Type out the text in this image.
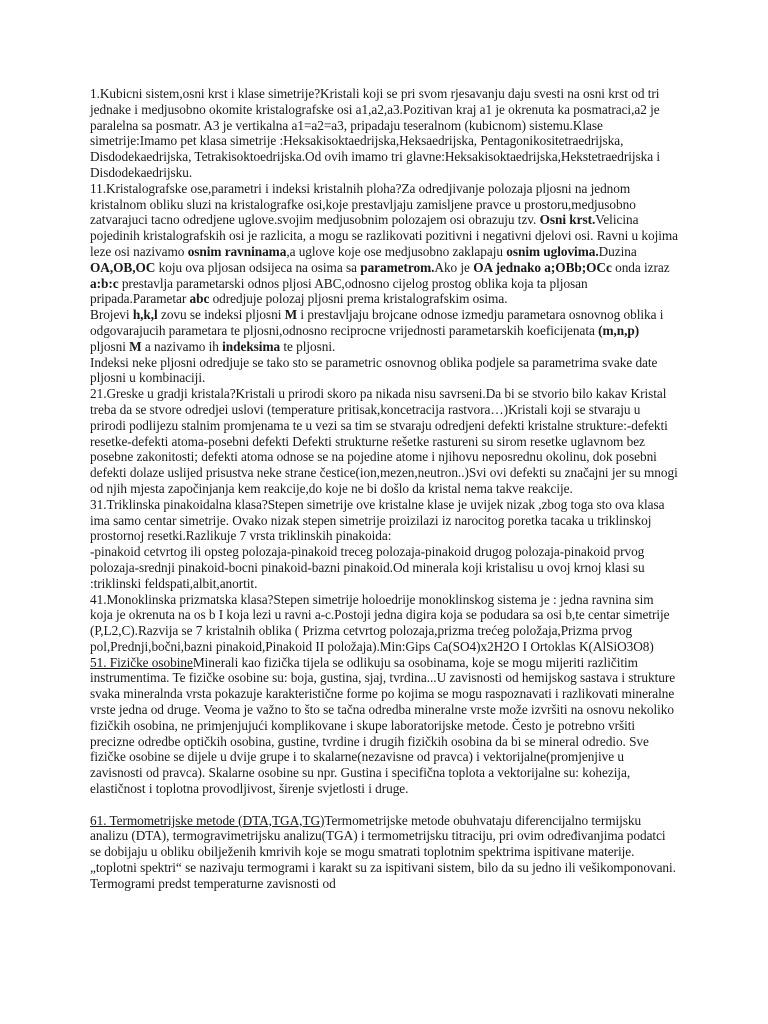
1.Kubicni sistem,osni krst i klase simetrije?Kristali koji se pri svom rjesavanju daju svesti na osni krst od tri jednake i medjusobno okomite kristalografske osi a1,a2,a3.Pozitivan kraj a1 je okrenuta ka posmatraci,a2 je paralelna sa posmatr. A3 je vertikalna a1=a2=a3, pripadaju teseralnom (kubicnom) sistemu.Klase simetrije:Imamo pet klasa simetrije :Heksakisoktaedrijska,Heksaedrijska, Pentagonikositetraedrijska, Disdodekaedrijska, Tetrakisoktoedrijska.Od ovih imamo tri glavne:Heksakisoktaedrijska,Hekstetraedrijska i Disdodekaedrijsku.

11.Kristalografske ose,parametri i indeksi kristalnih ploha?Za odredjivanje polozaja pljosni na jednom kristalnom obliku sluzi na kristalografke osi,koje prestavljaju zamisljene pravce u prostoru,medjusobno zatvarajuci tacno odredjene uglove.svojim medjusobnim polozajem osi obrazuju tzv. Osni krst.Velicina pojedinih kristalografskih osi je razlicita, a mogu se razlikovati pozitivni i negativni djelovi osi. Ravni u kojima leze osi nazivamo osnim ravninama,a uglove koje ose medjusobno zaklapaju osnim uglovima.Duzina OA,OB,OC koju ova pljosan odsijeca na osima sa parametrom.Ako je OA jednako a;OBb;OCc onda izraz a:b:c prestavlja parametarski odnos pljosi ABC,odnosno cijelog prostog oblika koja ta pljosan pripada.Parametar abc odredjuje polozaj pljosni prema kristalografskim osima.

Brojevi h,k,l zovu se indeksi pljosni M i prestavljaju brojcane odnose izmedju parametara osnovnog oblika i odgovarajucih parametara te pljosni,odnosno reciprocne vrijednosti parametarskih koeficijenata (m,n,p) pljosni M a nazivamo ih indeksima te pljosni.

Indeksi neke pljosni odredjuje se tako sto se parametric osnovnog oblika podjele sa parametrima svake date pljosni u kombinaciji.

21.Greske u gradji kristala?Kristali u prirodi skoro pa nikada nisu savrseni.Da bi se stvorio bilo kakav Kristal treba da se stvore odredjei uslovi (temperature pritisak,koncetracija rastvora…)Kristali koji se stvaraju u prirodi podlijezu stalnim promjenama te u vezi sa tim se stvaraju odredjeni defekti kristalne strukture:-defekti resetke-defekti atoma-posebni defekti Defekti strukturne rešetke rastureni su sirom resetke uglavnom bez posebne zakonitosti; defekti atoma odnose se na pojedine atome i njihovu neposrednu okolinu, dok posebni defekti dolaze uslijed prisustva neke strane čestice(ion,mezen,neutron..)Svi ovi defekti su značajni jer su mnogi od njih mjesta započinjanja kem reakcije,do koje ne bi došlo da kristal nema takve reakcije.

31.Triklinska pinakoidalna klasa?Stepen simetrije ove kristalne klase je uvijek nizak ,zbog toga sto ova klasa ima samo centar simetrije. Ovako nizak stepen simetrije proizilazi iz narocitog poretka tacaka u triklinskoj prostornoj resetki.Razlikuje 7 vrsta triklinskih pinakoida:

-pinakoid cetvrtog ili opsteg polozaja-pinakoid treceg polozaja-pinakoid drugog polozaja-pinakoid prvog polozaja-srednji pinakoid-bocni pinakoid-bazni pinakoid.Od minerala koji kristalisu u ovoj krnoj klasi su :triklinski feldspati,albit,anortit.

41.Monoklinska prizmatska klasa?Stepen simetrije holoedrije monoklinskog sistema je : jedna ravnina sim koja je okrenuta na os b I koja lezi u ravni a-c.Postoji jedna digira koja se podudara sa osi b,te centar simetrije (P,L2,C).Razvija se 7 kristalnih oblika ( Prizma cetvrtog polozaja,prizma trećeg položaja,Prizma prvog pol,Prednji,bočni,bazni pinakoid,Pinakoid II položaja).Min:Gips Ca(SO4)x2H2O I Ortoklas K(AlSiO3O8)

51. Fizičke osobineMinerali kao fizička tijela se odlikuju sa osobinama, koje se mogu mijeriti različitim instrumentima. Te fizičke osobine su: boja, gustina, sjaj, tvrdina...U zavisnosti od hemijskog sastava i strukture svaka mineralnda vrsta pokazuje karakteristične forme po kojima se mogu raspoznavati i razlikovati mineralne vrste jedna od druge. Veoma je važno to što se tačna odredba mineralne vrste može izvršiti na osnovu nekoliko fizičkih osobina, ne primjenjujući komplikovane i skupe laboratorijske metode. Često je potrebno vršiti precizne odredbe optičkih osobina, gustine, tvrdine i drugih fizičkih osobina da bi se mineral odredio. Sve fizičke osobine se dijele u dvije grupe i to skalarne(nezavisne od pravca) i vektorijalne(promjenjive u zavisnosti od pravca). Skalarne osobine su npr. Gustina i specifična toplota a vektorijalne su: kohezija, elastičnost i toplotna provodljivost, širenje svjetlosti i druge.

61. Termometrijske metode (DTA,TGA,TG)Termometrijske metode obuhvataju diferencijalno termijsku analizu (DTA), termogravimetrijsku analizu(TGA) i termometrijsku titraciju, pri ovim određivanjima podatci se dobijaju u obliku obilježenih kmrivih koje se mogu smatrati toplotnim spektrima ispitivane materije. „toplotni spektri“ se nazivaju termogrami i karakt su za ispitivani sistem, bilo da su jedno ili vešikomponovani. Termogrami predst temperaturne zavisnosti od
